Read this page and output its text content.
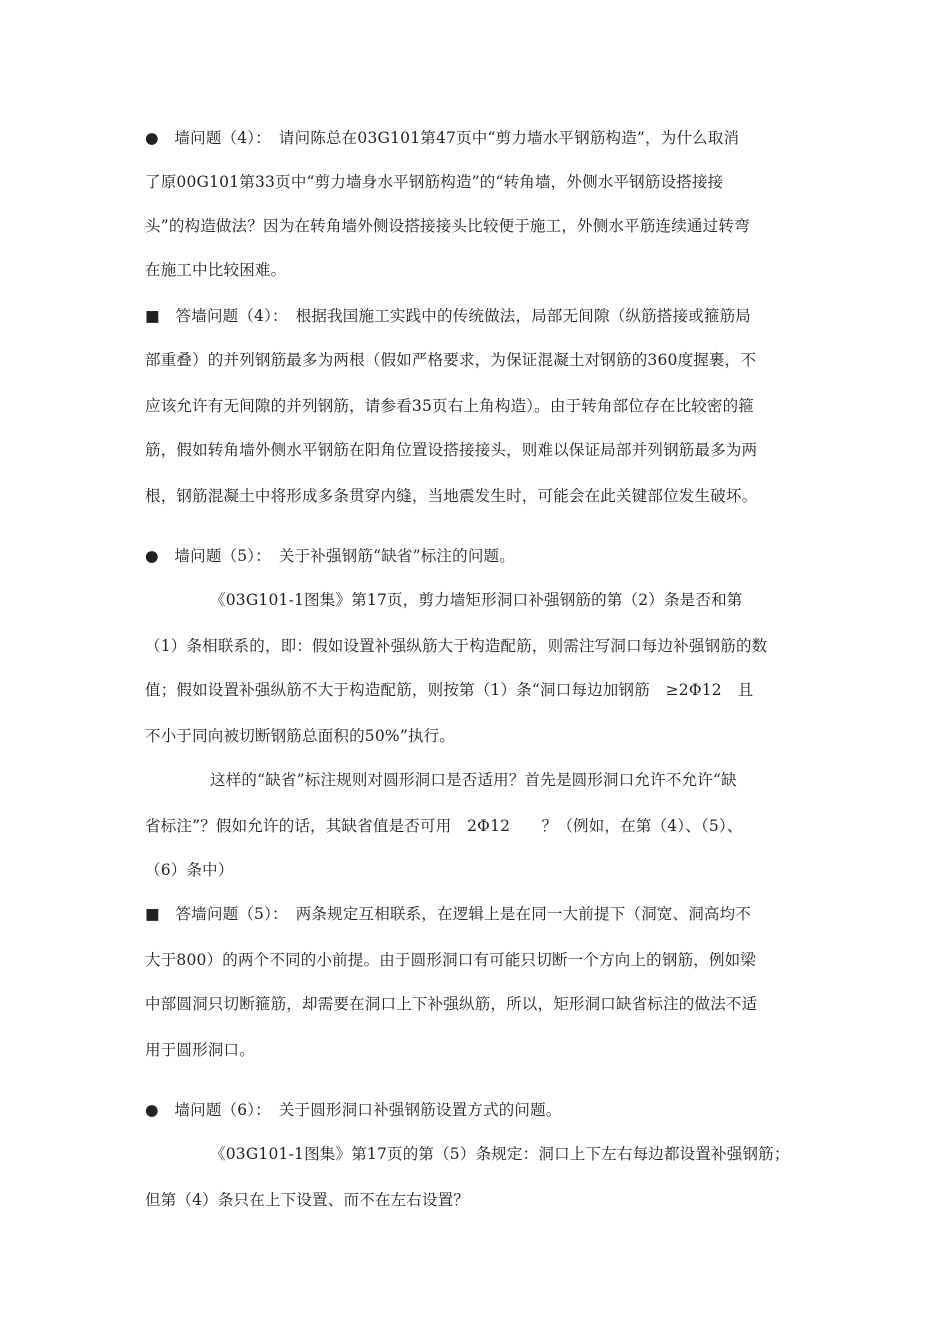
●　墙问题（4）：　请问陈总在03G101第47页中“剪力墙水平钢筋构造”，为什么取消
了原00G101第33页中“剪力墙身水平钢筋构造”的“转角墙，外侧水平钢筋设搭接接
头”的构造做法？因为在转角墙外侧设搭接接头比较便于施工，外侧水平筋连续通过转弯
在施工中比较困难。
■　答墙问题（4）：　根据我国施工实践中的传统做法，局部无间隙（纵筋搭接或箍筋局
部重叠）的并列钢筋最多为两根（假如严格要求，为保证混凝土对钢筋的360度握裹，不
应该允许有无间隙的并列钢筋，请参看35页右上角构造）。由于转角部位存在比较密的箍
筋，假如转角墙外侧水平钢筋在阳角位置设搭接接头，则难以保证局部并列钢筋最多为两
根，钢筋混凝土中将形成多条贯穿内缝，当地震发生时，可能会在此关键部位发生破坏。
●　墙问题（5）：　关于补强钢筋“缺省”标注的问题。
《03G101-1图集》第17页，剪力墙矩形洞口补强钢筋的第（2）条是否和第
（1）条相联系的，即：假如设置补强纵筋大于构造配筋，则需注写洞口每边补强钢筋的数
值；假如设置补强纵筋不大于构造配筋，则按第（1）条“洞口每边加钢筋　≥2Φ12　且
不小于同向被切断钢筋总面积的50%”执行。
这样的“缺省”标注规则对圆形洞口是否适用？首先是圆形洞口允许不允许“缺
省标注”？假如允许的话，其缺省值是否可用　2Φ12　　？（例如，在第（4）、（5）、
（6）条中）
■　答墙问题（5）：　两条规定互相联系，在逻辑上是在同一大前提下（洞宽、洞高均不
大于800）的两个不同的小前提。由于圆形洞口有可能只切断一个方向上的钢筋，例如梁
中部圆洞只切断箍筋，却需要在洞口上下补强纵筋，所以，矩形洞口缺省标注的做法不适
用于圆形洞口。
●　墙问题（6）：　关于圆形洞口补强钢筋设置方式的问题。
《03G101-1图集》第17页的第（5）条规定：洞口上下左右每边都设置补强钢筋；
但第（4）条只在上下设置、而不在左右设置？
